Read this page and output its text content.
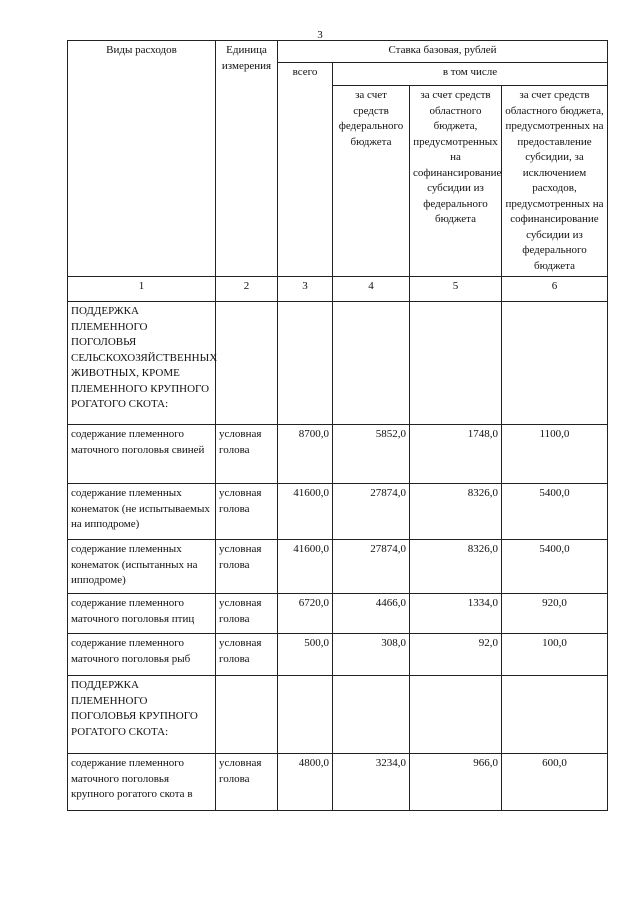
3
Виды расходов	Единица измерения	Ставка базовая, рублей			
		всего	в том числе		
			за счет средств федерального бюджета	за счет средств областного бюджета, предусмотренных на софинансирование субсидии из федерального бюджета	за счет средств областного бюджета, предусмотренных на предоставление субсидии, за исключением расходов, предусмотренных на софинансирование субсидии из федерального бюджета
1	2	3	4	5	6
ПОДДЕРЖКА ПЛЕМЕННОГО ПОГОЛОВЬЯ СЕЛЬСКОХОЗЯЙСТВЕННЫХ ЖИВОТНЫХ, КРОМЕ ПЛЕМЕННОГО КРУПНОГО РОГАТОГО СКОТА:					
содержание племенного маточного поголовья свиней	условная голова	8700,0	5852,0	1748,0	1100,0
содержание племенных конематок (не испытываемых на ипподроме)	условная голова	41600,0	27874,0	8326,0	5400,0
содержание племенных конематок (испытанных на ипподроме)	условная голова	41600,0	27874,0	8326,0	5400,0
содержание племенного маточного поголовья птиц	условная голова	6720,0	4466,0	1334,0	920,0
содержание племенного маточного поголовья рыб	условная голова	500,0	308,0	92,0	100,0
ПОДДЕРЖКА ПЛЕМЕННОГО ПОГОЛОВЬЯ КРУПНОГО РОГАТОГО СКОТА:					
содержание племенного маточного поголовья крупного рогатого скота в	условная голова	4800,0	3234,0	966,0	600,0
